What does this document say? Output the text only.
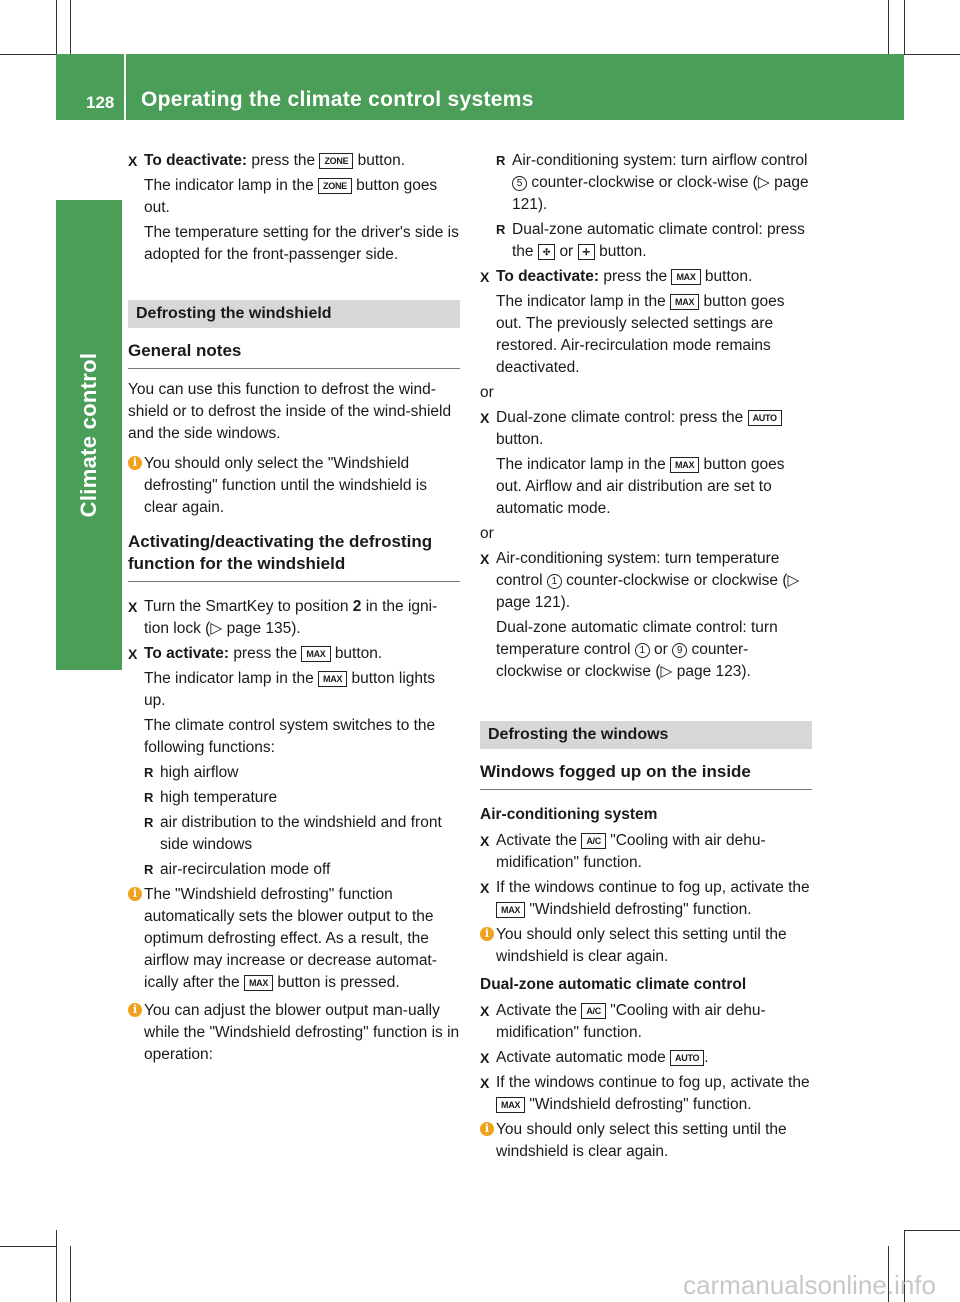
128 Operating the climate control systems
Climate control

X To deactivate: press the ZONE button.

The indicator lamp in the ZONE button goes out.

The temperature setting for the driver's side is adopted for the front-passenger side.

Defrosting the windshield
General notes

You can use this function to defrost the wind-shield or to defrost the inside of the wind-shield and the side windows.

i You should only select the "Windshield defrosting" function until the windshield is clear again.
Activating/deactivating the defrosting function for the windshield

X Turn the SmartKey to position 2 in the igni-tion lock (▷ page 135).

X To activate: press the MAX button.

The indicator lamp in the MAX button lights up.

The climate control system switches to the following functions:

R high airflow

R high temperature

R air distribution to the windshield and front side windows

R air-recirculation mode off

i The "Windshield defrosting" function automatically sets the blower output to the optimum defrosting effect. As a result, the airflow may increase or decrease automat-ically after the MAX button is pressed.
i You can adjust the blower output man-ually while the "Windshield defrosting" function is in operation:

R Air-conditioning system: turn airflow control 5 counter-clockwise or clock-wise (▷ page 121).

R Dual-zone automatic climate control: press the ✣ or ✛ button.

X To deactivate: press the MAX button.

The indicator lamp in the MAX button goes out. The previously selected settings are restored. Air-recirculation mode remains deactivated.

or

X Dual-zone climate control: press the AUTO button.

The indicator lamp in the MAX button goes out. Airflow and air distribution are set to automatic mode.

or

X Air-conditioning system: turn temperature control 1 counter-clockwise or clockwise (▷ page 121).

Dual-zone automatic climate control: turn temperature control 1 or 9 counter-clockwise or clockwise (▷ page 123).

Defrosting the windows
Windows fogged up on the inside
Air-conditioning system

X Activate the A/C "Cooling with air dehu-midification" function.

X If the windows continue to fog up, activate the MAX "Windshield defrosting" function.

i You should only select this setting until the windshield is clear again.
Dual-zone automatic climate control

X Activate the A/C "Cooling with air dehu-midification" function.

X Activate automatic mode AUTO .

X If the windows continue to fog up, activate the MAX "Windshield defrosting" function.

i You should only select this setting until the windshield is clear again.
carmanualsonline.info
